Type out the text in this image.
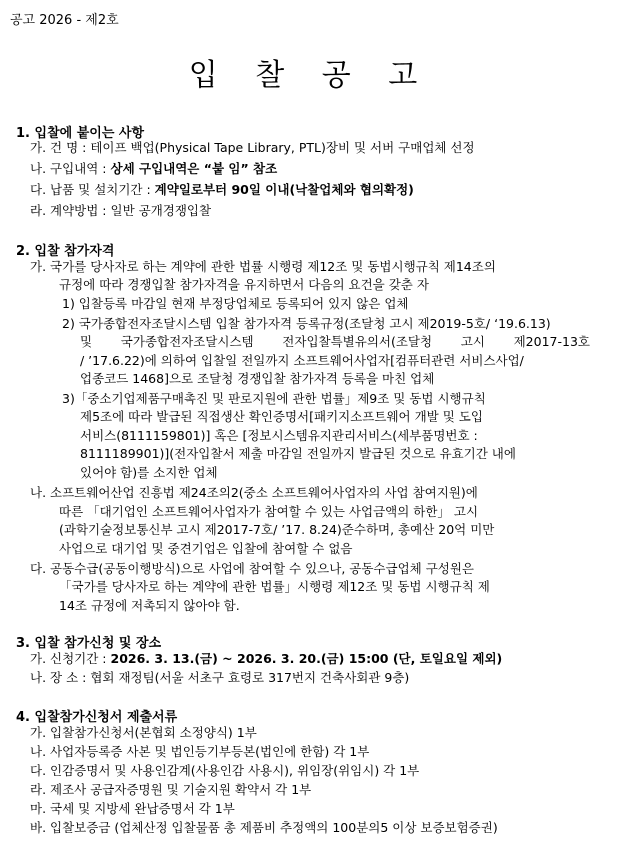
공고 2026 - 제2호
입 찰 공 고
1. 입찰에 붙이는 사항
가. 건 명 : 테이프 백업(Physical Tape Library, PTL)장비 및 서버 구매업체 선정
나. 구입내역 : 상세 구입내역은 “붙 임” 참조
다. 납품 및 설치기간 : 계약일로부터 90일 이내(낙찰업체와 협의확정)
라. 계약방법 : 일반 공개경쟁입찰
2. 입찰 참가자격
가. 국가를 당사자로 하는 계약에 관한 법률 시행령 제12조 및 동법시행규칙 제14조의
규정에 따라 경쟁입찰 참가자격을 유지하면서 다음의 요건을 갖춘 자
1) 입찰등록 마감일 현재 부정당업체로 등록되어 있지 않은 업체
2) 국가종합전자조달시스템 입찰 참가자격 등록규정(조달청 고시 제2019-5호/ ‘19.6.13)
및 국가종합전자조달시스템 전자입찰특별유의서(조달청 고시 제2017-13호
/ ’17.6.22)에 의하여 입찰일 전일까지 소프트웨어사업자[컴퓨터관련 서비스사업/
업종코드 1468]으로 조달청 경쟁입찰 참가자격 등록을 마친 업체
3)「중소기업제품구매촉진 및 판로지원에 관한 법률」제9조 및 동법 시행규칙
제5조에 따라 발급된 직접생산 확인증명서[패키지소프트웨어 개발 및 도입
서비스(8111159801)] 혹은 [정보시스템유지관리서비스(세부품명번호 :
8111189901)](전자입찰서 제출 마감일 전일까지 발급된 것으로 유효기간 내에
있어야 함)를 소지한 업체
나. 소프트웨어산업 진흥법 제24조의2(중소 소프트웨어사업자의 사업 참여지원)에
따른 「대기업인 소프트웨어사업자가 참여할 수 있는 사업금액의 하한」 고시
(과학기술정보통신부 고시 제2017-7호/ ’17. 8.24)준수하며, 총예산 20억 미만
사업으로 대기업 및 중견기업은 입찰에 참여할 수 없음
다. 공동수급(공동이행방식)으로 사업에 참여할 수 있으나, 공동수급업체 구성원은
「국가를 당사자로 하는 계약에 관한 법률」시행령 제12조 및 동법 시행규칙 제
14조 규정에 저촉되지 않아야 함.
3. 입찰 참가신청 및 장소
가. 신청기간 : 2026. 3. 13.(금) ~ 2026. 3. 20.(금) 15:00 (단, 토일요일 제외)
나. 장 소 : 협회 재정팀(서울 서초구 효령로 317번지 건축사회관 9층)
4. 입찰참가신청서 제출서류
가. 입찰참가신청서(본협회 소정양식) 1부
나. 사업자등록증 사본 및 법인등기부등본(법인에 한함) 각 1부
다. 인감증명서 및 사용인감계(사용인감 사용시), 위임장(위임시) 각 1부
라. 제조사 공급자증명원 및 기술지원 확약서 각 1부
마. 국세 및 지방세 완납증명서 각 1부
바. 입찰보증금 (업체산정 입찰물품 총 제품비 추정액의 100분의5 이상 보증보험증권)
